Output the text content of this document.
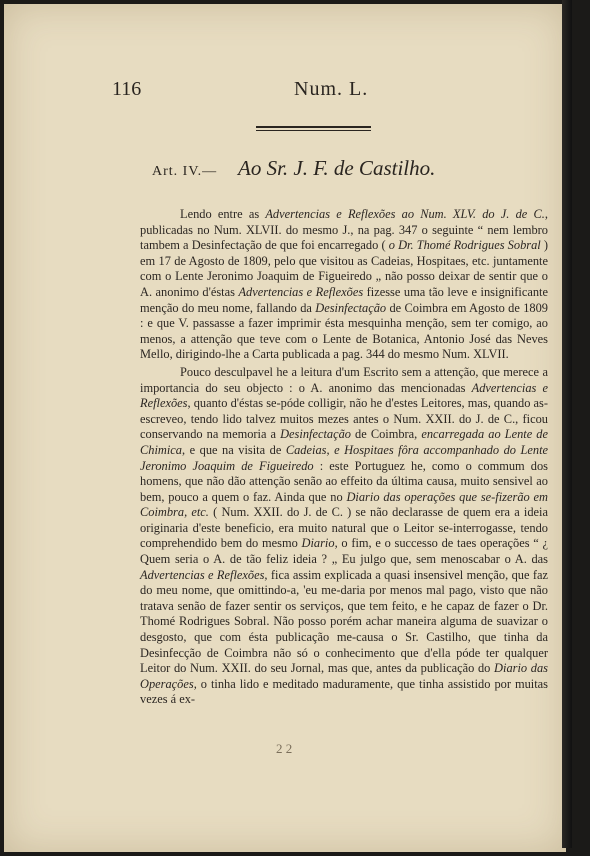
116	Num. L.
Art. IV.— Ao Sr. J. F. de Castilho.

Lendo entre as Advertencias e Reflexões ao Num. XLV. do J. de C., publicadas no Num. XLVII. do mesmo J., na pag. 347 o seguinte “ nem lembro tambem a Desinfectação de que foi encarregado ( o Dr. Thomé Rodrigues Sobral ) em 17 de Agosto de 1809, pelo que visitou as Cadeias, Hospitaes, etc. juntamente com o Lente Jeronimo Joaquim de Figueiredo „ não posso deixar de sentir que o A. anonimo d'éstas Advertencias e Reflexões fizesse uma tão leve e insignificante menção do meu nome, fallando da Desinfectação de Coimbra em Agosto de 1809 : e que V. passasse a fazer imprimir ésta mesquinha menção, sem ter comigo, ao menos, a attenção que teve com o Lente de Botanica, Antonio José das Neves Mello, dirigindo-lhe a Carta publicada a pag. 344 do mesmo Num. XLVII.

Pouco desculpavel he a leitura d'um Escrito sem a attenção, que merece a importancia do seu objecto : o A. anonimo das mencionadas Advertencias e Reflexões, quanto d'éstas se-póde colligir, não he d'estes Leitores, mas, quando as-escreveo, tendo lido talvez muitos mezes antes o Num. XXII. do J. de C., ficou conservando na memoria a Desinfectação de Coimbra, encarregada ao Lente de Chimica, e que na visita de Cadeias, e Hospitaes fôra accompanhado do Lente Jeronimo Joaquim de Figueiredo : este Portuguez he, como o commum dos homens, que não dão attenção senão ao effeito da última causa, muito sensivel ao bem, pouco a quem o faz. Ainda que no Diario das operações que se-fizerão em Coimbra, etc. ( Num. XXII. do J. de C. ) se não declarasse de quem era a ideia originaria d'este beneficio, era muito natural que o Leitor se-interrogasse, tendo comprehendido bem do mesmo Diario, o fim, e o successo de taes operações “ ¿ Quem seria o A. de tão feliz ideia ? „ Eu julgo que, sem menoscabar o A. das Advertencias e Reflexões, fica assim explicada a quasi insensivel menção, que faz do meu nome, que omittindo-a, 'eu me-daria por menos mal pago, visto que não tratava senão de fazer sentir os serviços, que tem feito, e he capaz de fazer o Dr. Thomé Rodrigues Sobral. Não posso porém achar maneira alguma de suavizar o desgosto, que com ésta publicação me-causa o Sr. Castilho, que tinha da Desinfecção de Coimbra não só o conhecimento que d'ella póde ter qualquer Leitor do Num. XXII. do seu Jornal, mas que, antes da publicação do Diario das Operações, o tinha lido e meditado maduramente, que tinha assistido por muitas vezes á ex-

2 2
